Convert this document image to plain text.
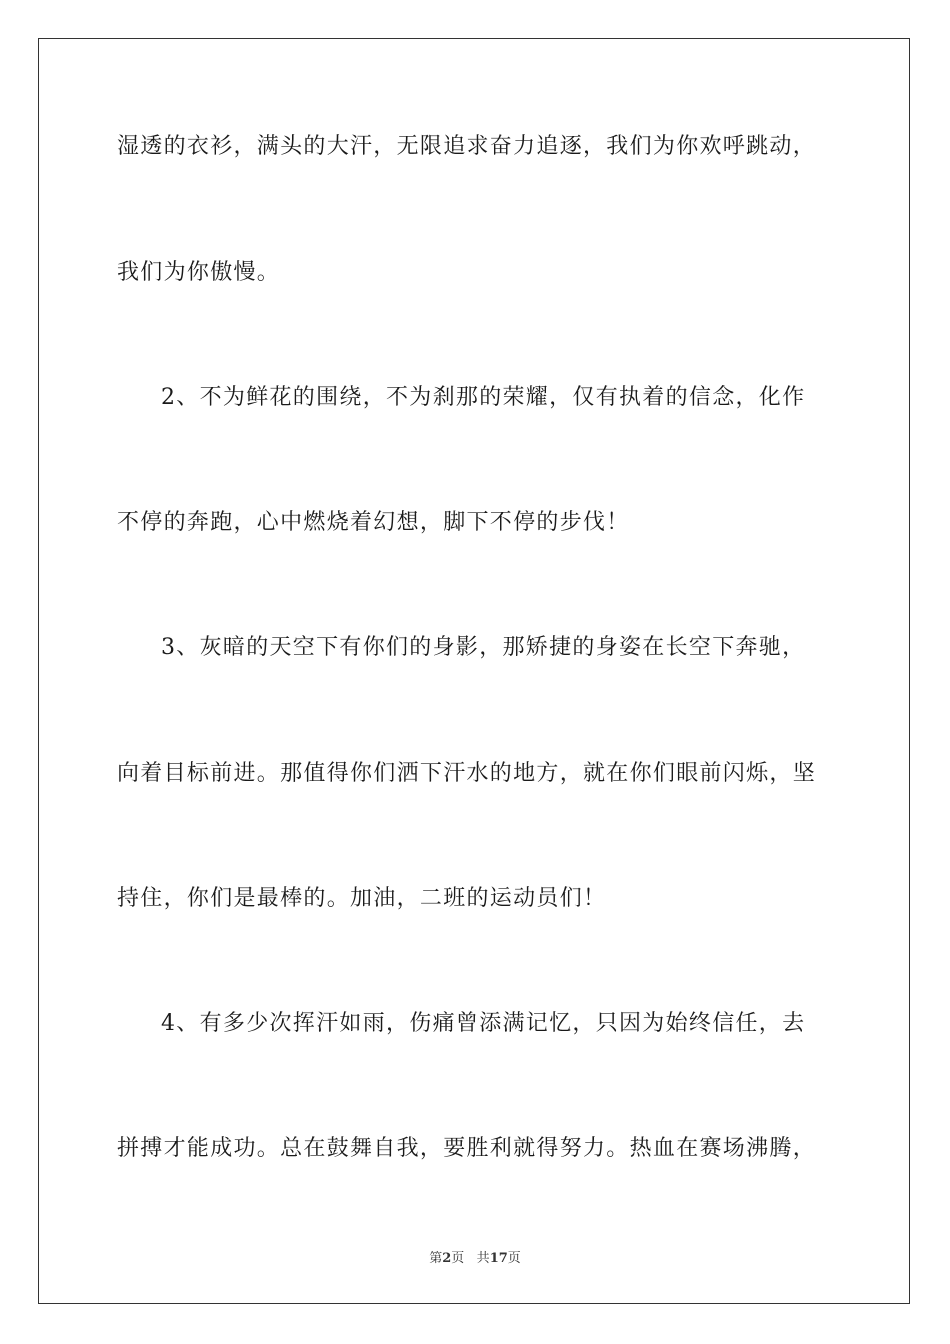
湿透的衣衫，满头的大汗，无限追求奋力追逐，我们为你欢呼跳动，
我们为你傲慢。
2、不为鲜花的围绕，不为刹那的荣耀，仅有执着的信念，化作
不停的奔跑，心中燃烧着幻想，脚下不停的步伐！
3、灰暗的天空下有你们的身影，那矫捷的身姿在长空下奔驰，
向着目标前进。那值得你们洒下汗水的地方，就在你们眼前闪烁，坚
持住，你们是最棒的。加油，二班的运动员们！
4、有多少次挥汗如雨，伤痛曾添满记忆，只因为始终信任，去
拼搏才能成功。总在鼓舞自我，要胜利就得努力。热血在赛场沸腾，
第2页 共17页
